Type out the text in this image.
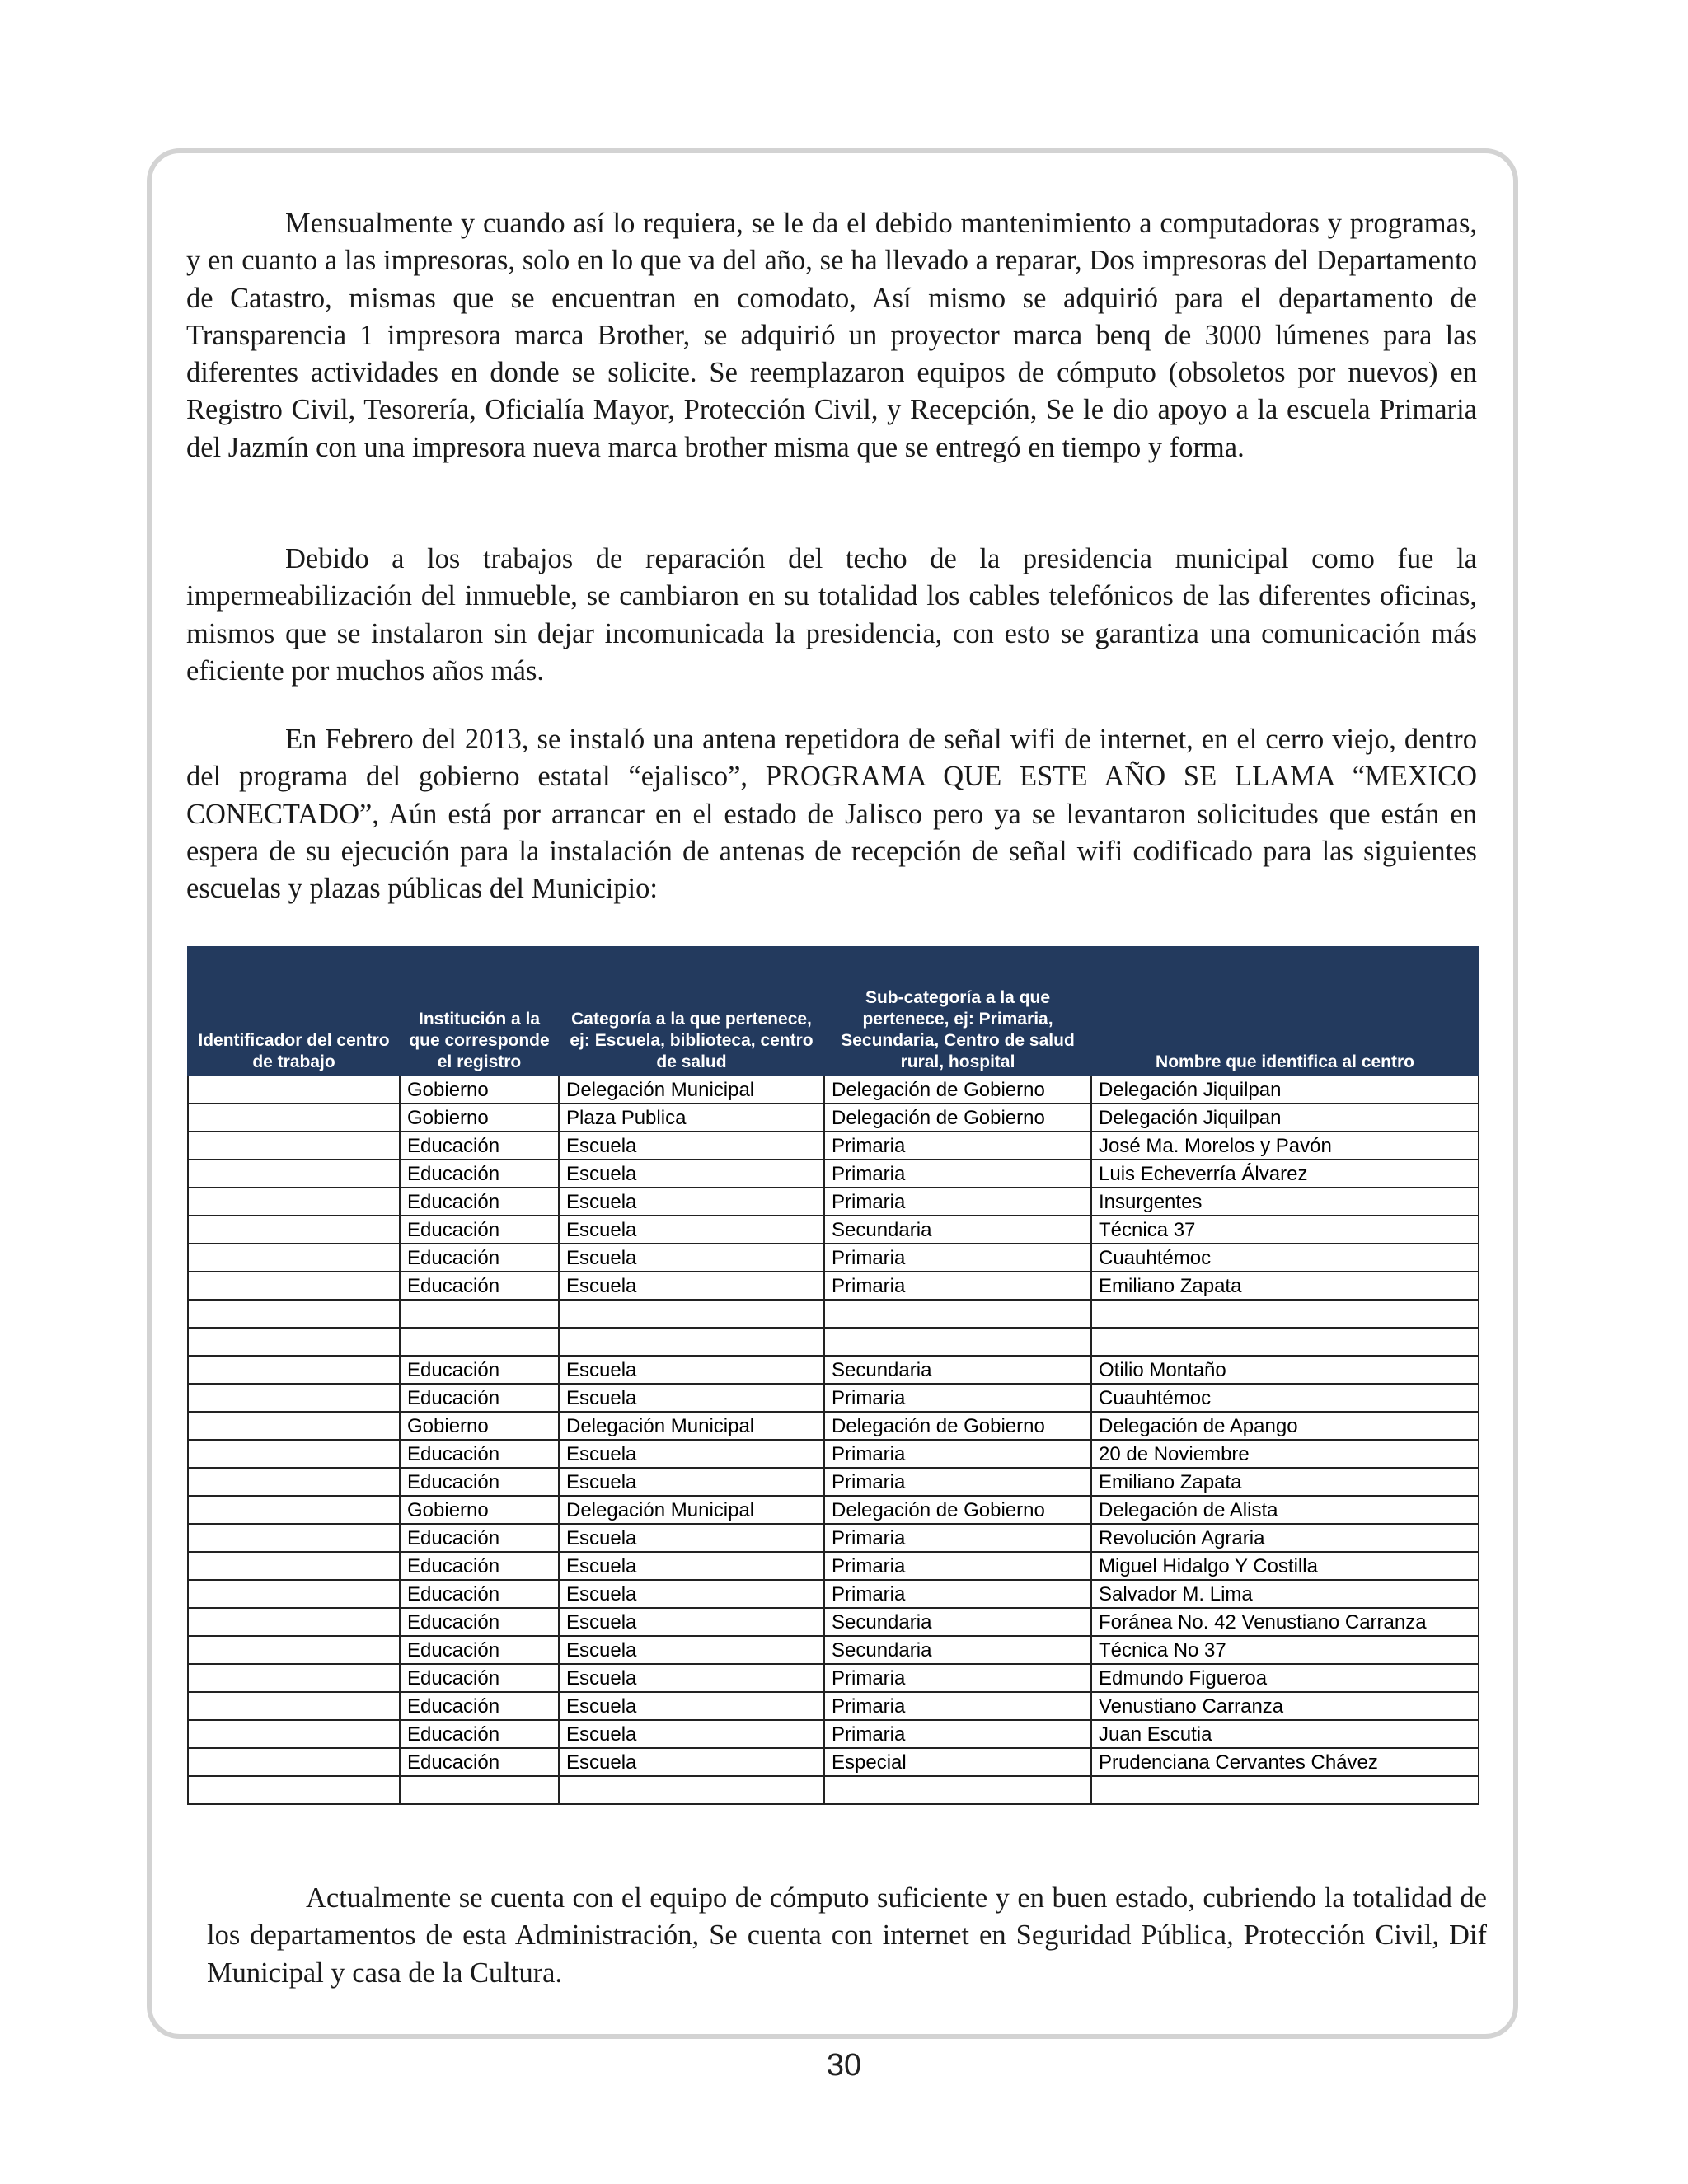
Mensualmente y cuando así lo requiera, se le da el debido mantenimiento a computadoras y programas, y en cuanto a las impresoras, solo en lo que va del año, se ha llevado a reparar, Dos impresoras del Departamento de Catastro, mismas que se encuentran en comodato, Así mismo se adquirió para el departamento de Transparencia 1 impresora marca Brother, se adquirió un proyector marca benq de 3000 lúmenes para las diferentes actividades en donde se solicite. Se reemplazaron equipos de cómputo (obsoletos por nuevos) en Registro Civil, Tesorería, Oficialía Mayor, Protección Civil, y Recepción, Se le dio apoyo a la escuela Primaria del Jazmín con una impresora nueva marca brother misma que se entregó en tiempo y forma.

Debido a los trabajos de reparación del techo de la presidencia municipal como fue la impermeabilización del inmueble, se cambiaron en su totalidad los cables telefónicos de las diferentes oficinas, mismos que se instalaron sin dejar incomunicada la presidencia, con esto se garantiza una comunicación más eficiente por muchos años más.

En Febrero del 2013, se instaló una antena repetidora de señal wifi de internet, en el cerro viejo, dentro del programa del gobierno estatal “ejalisco”, PROGRAMA QUE ESTE AÑO SE LLAMA “MEXICO CONECTADO”, Aún está por arrancar en el estado de Jalisco pero ya se levantaron solicitudes que están en espera de su ejecución para la instalación de antenas de recepción de señal wifi codificado para las siguientes escuelas y plazas públicas del Municipio:

Identificador del centro de trabajo	Institución a la que corresponde el registro	Categoría a la que pertenece, ej: Escuela, biblioteca, centro de salud	Sub-categoría a la que pertenece, ej: Primaria, Secundaria, Centro de salud rural, hospital	Nombre que identifica al centro
	Gobierno	Delegación Municipal	Delegación de Gobierno	Delegación Jiquilpan
	Gobierno	Plaza Publica	Delegación de Gobierno	Delegación Jiquilpan
	Educación	Escuela	Primaria	José Ma. Morelos y Pavón
	Educación	Escuela	Primaria	Luis Echeverría Álvarez
	Educación	Escuela	Primaria	Insurgentes
	Educación	Escuela	Secundaria	Técnica 37
	Educación	Escuela	Primaria	Cuauhtémoc
	Educación	Escuela	Primaria	Emiliano Zapata

	Educación	Escuela	Secundaria	Otilio Montaño
	Educación	Escuela	Primaria	Cuauhtémoc
	Gobierno	Delegación Municipal	Delegación de Gobierno	Delegación de Apango
	Educación	Escuela	Primaria	20 de Noviembre
	Educación	Escuela	Primaria	Emiliano Zapata
	Gobierno	Delegación Municipal	Delegación de Gobierno	Delegación de Alista
	Educación	Escuela	Primaria	Revolución Agraria
	Educación	Escuela	Primaria	Miguel Hidalgo Y Costilla
	Educación	Escuela	Primaria	Salvador M. Lima
	Educación	Escuela	Secundaria	Foránea No. 42 Venustiano Carranza
	Educación	Escuela	Secundaria	Técnica No 37
	Educación	Escuela	Primaria	Edmundo Figueroa
	Educación	Escuela	Primaria	Venustiano Carranza
	Educación	Escuela	Primaria	Juan Escutia
	Educación	Escuela	Especial	Prudenciana Cervantes Chávez

Actualmente se cuenta con el equipo de cómputo suficiente y en buen estado, cubriendo la totalidad de los departamentos de esta Administración, Se cuenta con internet en Seguridad Pública, Protección Civil, Dif Municipal y casa de la Cultura.

30
